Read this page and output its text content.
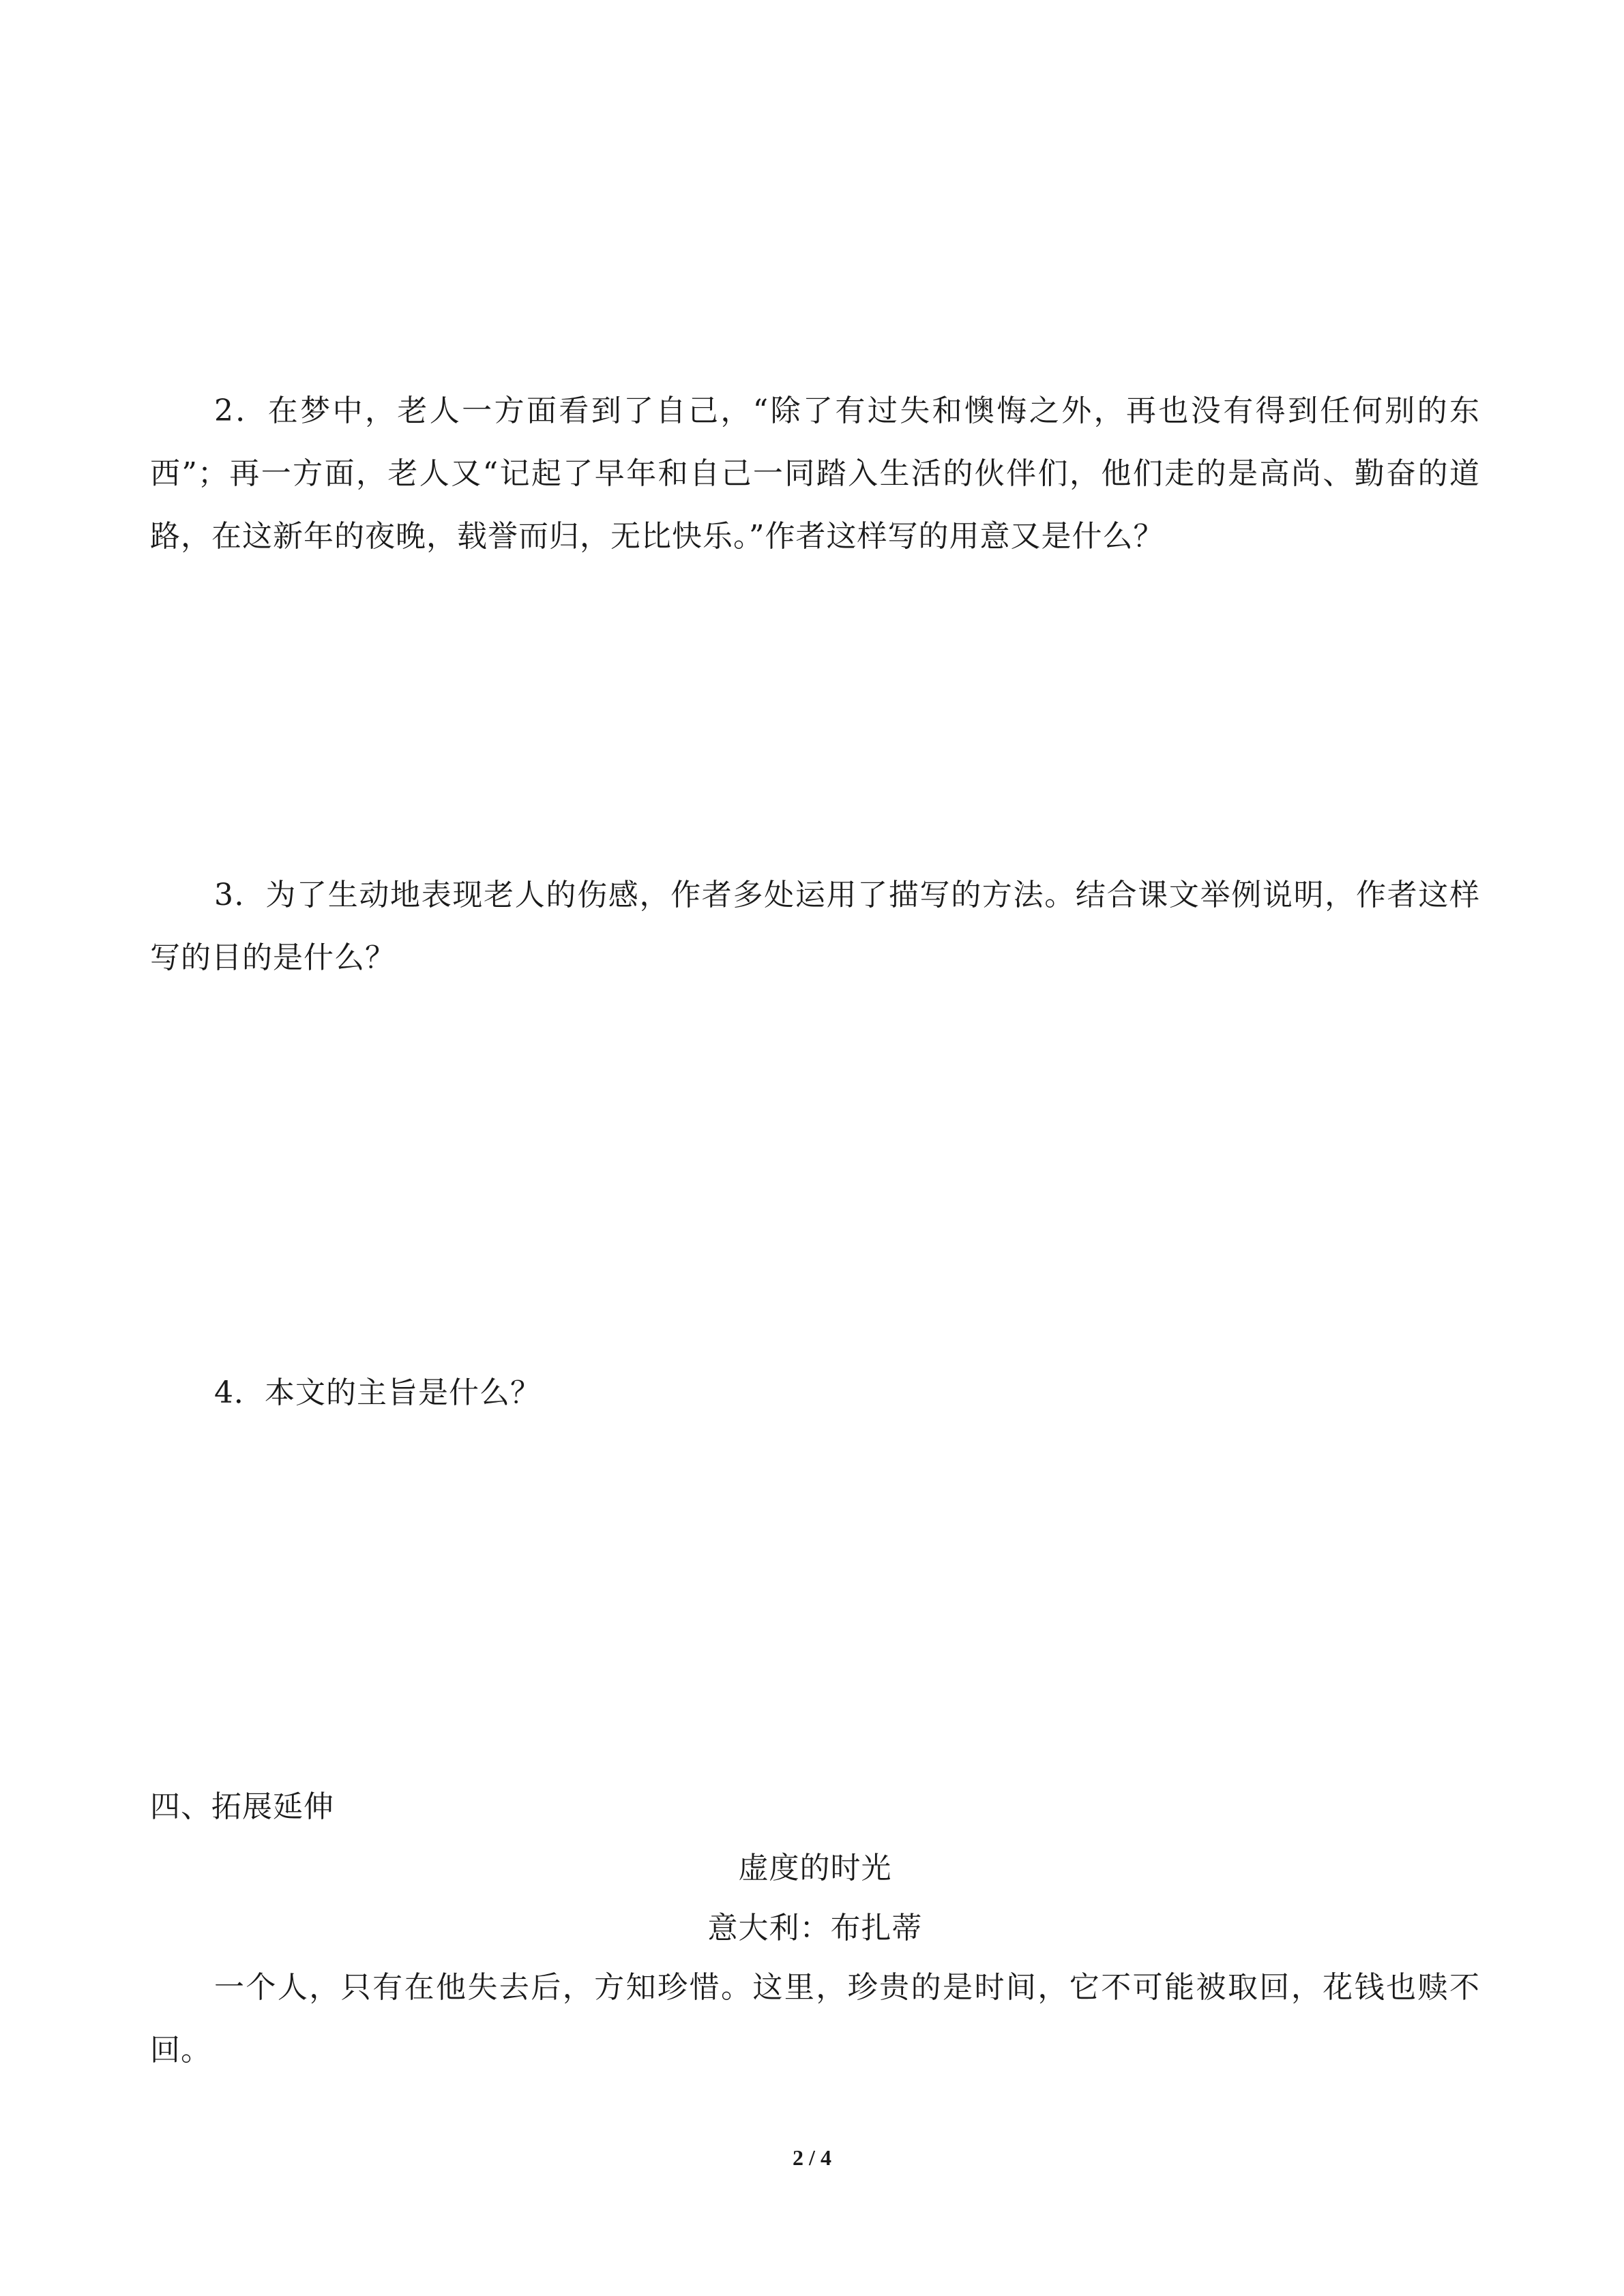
2．在梦中，老人一方面看到了自己，“除了有过失和懊悔之外，再也没有得到任何别的东西”；再一方面，老人又“记起了早年和自己一同踏入生活的伙伴们，他们走的是高尚、勤奋的道路，在这新年的夜晚，载誉而归，无比快乐。”作者这样写的用意又是什么？

3．为了生动地表现老人的伤感，作者多处运用了描写的方法。结合课文举例说明，作者这样写的目的是什么？

4．本文的主旨是什么？

四、拓展延伸

虚度的时光

意大利：布扎蒂

一个人，只有在他失去后，方知珍惜。这里，珍贵的是时间，它不可能被取回，花钱也赎不回。

2 / 4
